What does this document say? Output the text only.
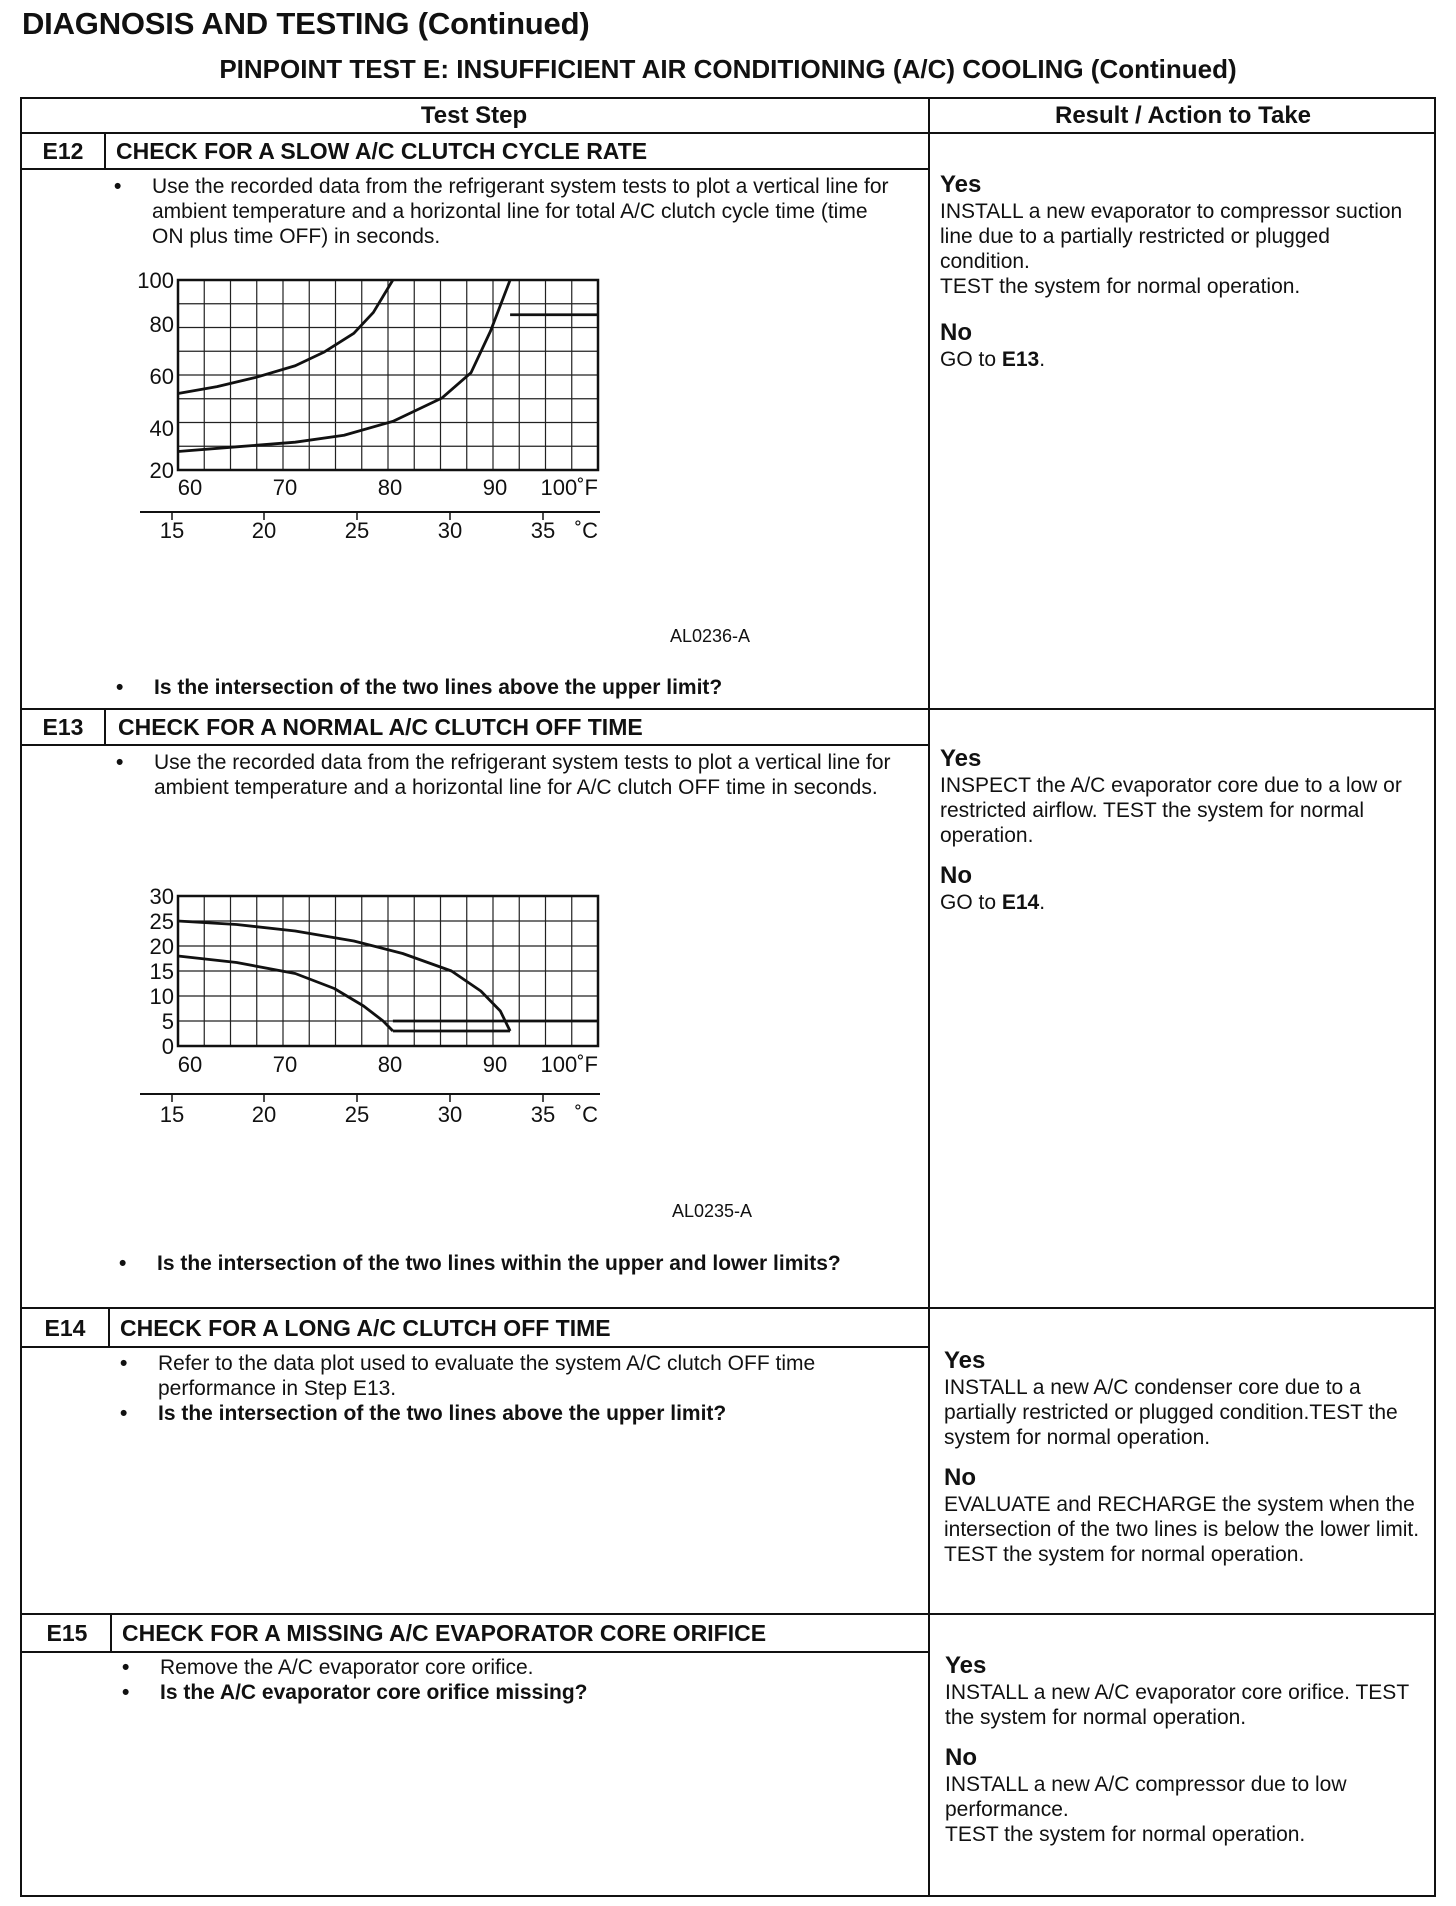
DIAGNOSIS AND TESTING (Continued)
PINPOINT TEST E: INSUFFICIENT AIR CONDITIONING (A/C) COOLING (Continued)
Test Step	Result / Action to Take
E12	CHECK FOR A SLOW A/C CLUTCH CYCLE RATE
• Use the recorded data from the refrigerant system tests to plot a vertical line for ambient temperature and a horizontal line for total A/C clutch cycle time (time ON plus time OFF) in seconds.
100
80
60
40
20
60	70	80	90 100˚F
15	20	25	30	35 ˚C
AL0236-A
• Is the intersection of the two lines above the upper limit?
Yes
INSTALL a new evaporator to compressor suction line due to a partially restricted or plugged condition.
TEST the system for normal operation.
No
GO to E13.
E13	CHECK FOR A NORMAL A/C CLUTCH OFF TIME
• Use the recorded data from the refrigerant system tests to plot a vertical line for ambient temperature and a horizontal line for A/C clutch OFF time in seconds.
30
25
20
15
10
5
0
60	70	80	90 100˚F
15	20	25	30	35 ˚C
AL0235-A
• Is the intersection of the two lines within the upper and lower limits?
Yes
INSPECT the A/C evaporator core due to a low or restricted airflow. TEST the system for normal operation.
No
GO to E14.
E14	CHECK FOR A LONG A/C CLUTCH OFF TIME
• Refer to the data plot used to evaluate the system A/C clutch OFF time performance in Step E13.
• Is the intersection of the two lines above the upper limit?
Yes
INSTALL a new A/C condenser core due to a partially restricted or plugged condition.TEST the system for normal operation.
No
EVALUATE and RECHARGE the system when the intersection of the two lines is below the lower limit. TEST the system for normal operation.
E15	CHECK FOR A MISSING A/C EVAPORATOR CORE ORIFICE
• Remove the A/C evaporator core orifice.
• Is the A/C evaporator core orifice missing?
Yes
INSTALL a new A/C evaporator core orifice. TEST the system for normal operation.
No
INSTALL a new A/C compressor due to low performance.
TEST the system for normal operation.
